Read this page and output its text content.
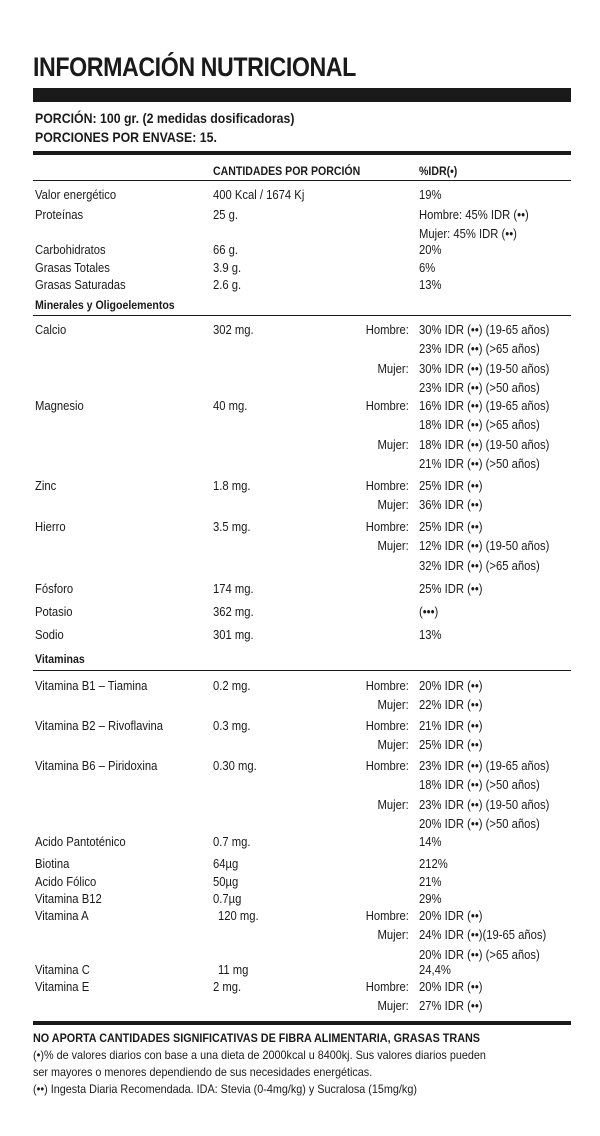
INFORMACIÓN NUTRICIONAL
PORCIÓN: 100 gr. (2 medidas dosificadoras)
PORCIONES POR ENVASE: 15.
CANTIDADES POR PORCIÓN	%IDR(•)
Valor energético	400 Kcal / 1674 Kj	19%
Proteínas	25 g.	Hombre: 45% IDR (••)
Mujer: 45% IDR (••)
Carbohidratos	66 g.	20%
Grasas Totales	3.9 g.	6%
Grasas Saturadas	2.6 g.	13%
Minerales y Oligoelementos
Calcio	302 mg.	Hombre: 30% IDR (••) (19-65 años)
23% IDR (••) (>65 años)
Mujer: 30% IDR (••) (19-50 años)
23% IDR (••) (>50 años)
Magnesio	40 mg.	Hombre: 16% IDR (••) (19-65 años)
18% IDR (••) (>65 años)
Mujer: 18% IDR (••) (19-50 años)
21% IDR (••) (>50 años)
Zinc	1.8 mg.	Hombre: 25% IDR (••)
Mujer: 36% IDR (••)
Hierro	3.5 mg.	Hombre: 25% IDR (••)
Mujer: 12% IDR (••) (19-50 años)
32% IDR (••) (>65 años)
Fósforo	174 mg.	25% IDR (••)
Potasio	362 mg.	(•••)
Sodio	301 mg.	13%
Vitaminas
Vitamina B1 – Tiamina	0.2 mg.	Hombre: 20% IDR (••)
Mujer: 22% IDR (••)
Vitamina B2 – Rivoflavina	0.3 mg.	Hombre: 21% IDR (••)
Mujer: 25% IDR (••)
Vitamina B6 – Piridoxina	0.30 mg.	Hombre: 23% IDR (••) (19-65 años)
18% IDR (••) (>50 años)
Mujer: 23% IDR (••) (19-50 años)
20% IDR (••) (>50 años)
Acido Pantoténico	0.7 mg.	14%
Biotina	64µg	212%
Acido Fólico	50µg	21%
Vitamina B12	0.7µg	29%
Vitamina A	120 mg.	Hombre: 20% IDR (••)
Mujer: 24% IDR (••)(19-65 años)
20% IDR (••) (>65 años)
Vitamina C	11 mg	24,4%
Vitamina E	2 mg.	Hombre: 20% IDR (••)
Mujer: 27% IDR (••)
NO APORTA CANTIDADES SIGNIFICATIVAS DE FIBRA ALIMENTARIA, GRASAS TRANS
(•)% de valores diarios con base a una dieta de 2000kcal u 8400kj. Sus valores diarios pueden
ser mayores o menores dependiendo de sus necesidades energéticas.
(••) Ingesta Diaria Recomendada. IDA: Stevia (0-4mg/kg) y Sucralosa (15mg/kg)
